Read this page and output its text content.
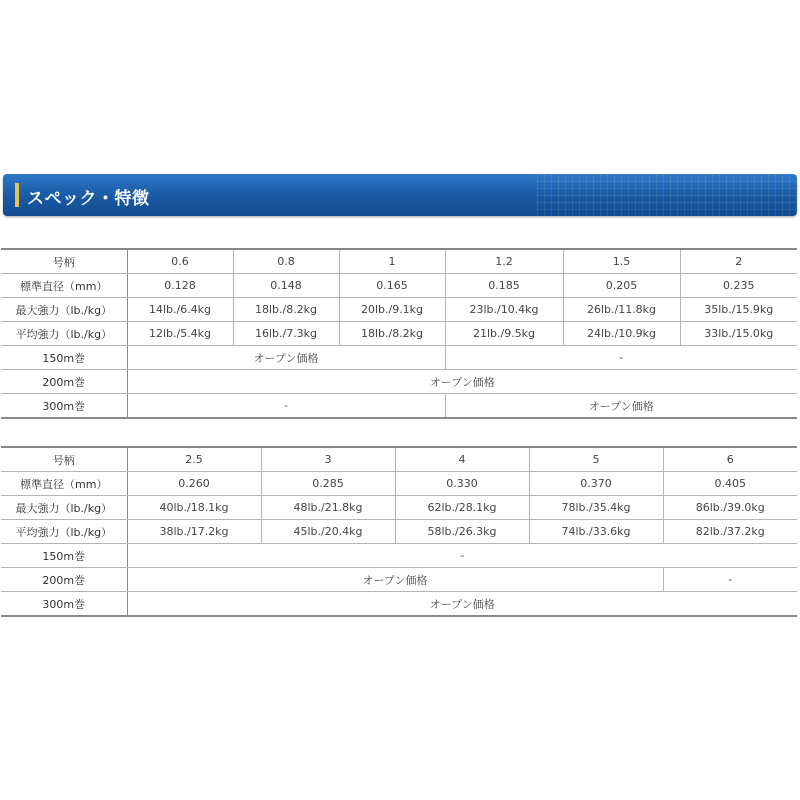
スペック・特徴
号柄	0.6	0.8	1	1.2	1.5	2
標準直径（mm）	0.128	0.148	0.165	0.185	0.205	0.235
最大強力（lb./kg）	14lb./6.4kg	18lb./8.2kg	20lb./9.1kg	23lb./10.4kg	26lb./11.8kg	35lb./15.9kg
平均強力（lb./kg）	12lb./5.4kg	16lb./7.3kg	18lb./8.2kg	21lb./9.5kg	24lb./10.9kg	33lb./15.0kg
150m巻	オープン価格			-		
200m巻	オープン価格					
300m巻	-			オープン価格		
号柄	2.5	3	4	5	6
標準直径（mm）	0.260	0.285	0.330	0.370	0.405
最大強力（lb./kg）	40lb./18.1kg	48lb./21.8kg	62lb./28.1kg	78lb./35.4kg	86lb./39.0kg
平均強力（lb./kg）	38lb./17.2kg	45lb./20.4kg	58lb./26.3kg	74lb./33.6kg	82lb./37.2kg
150m巻	-				
200m巻	オープン価格				-
300m巻	オープン価格				
